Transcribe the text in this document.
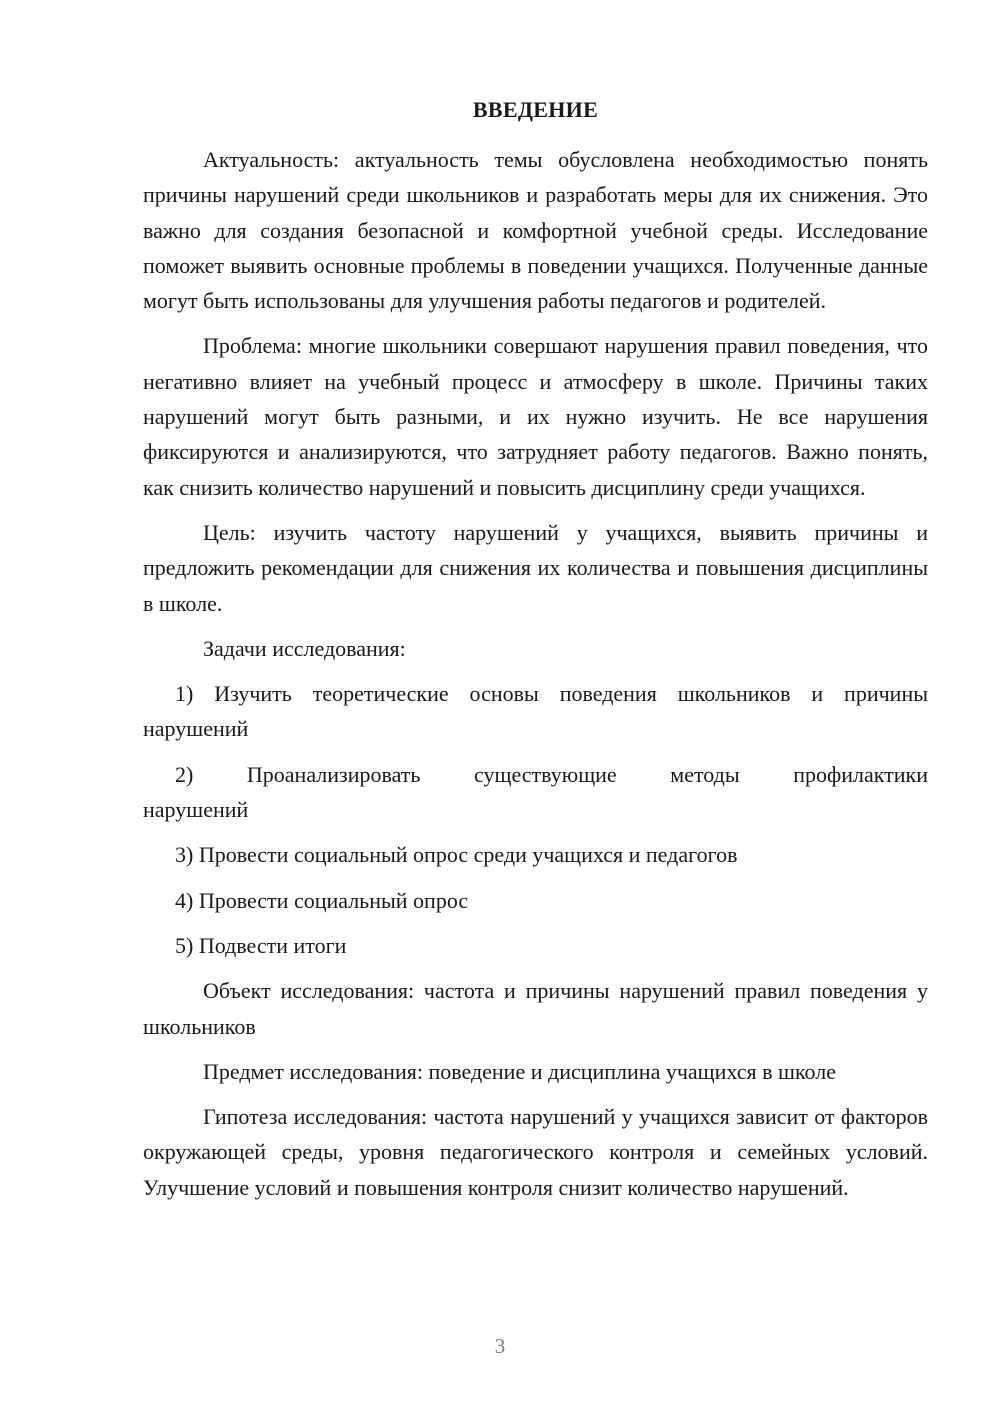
ВВЕДЕНИЕ

Актуальность: актуальность темы обусловлена необходимостью понять причины нарушений среди школьников и разработать меры для их снижения. Это важно для создания безопасной и комфортной учебной среды. Исследование поможет выявить основные проблемы в поведении учащихся. Полученные данные могут быть использованы для улучшения работы педагогов и родителей.

Проблема: многие школьники совершают нарушения правил поведения, что негативно влияет на учебный процесс и атмосферу в школе. Причины таких нарушений могут быть разными, и их нужно изучить. Не все нарушения фиксируются и анализируются, что затрудняет работу педагогов. Важно понять, как снизить количество нарушений и повысить дисциплину среди учащихся.

Цель: изучить частоту нарушений у учащихся, выявить причины и предложить рекомендации для снижения их количества и повышения дисциплины в школе.

Задачи исследования:

1) Изучить теоретические основы поведения школьников и причины нарушений

2) Проанализировать существующие методы профилактики

нарушений

3) Провести социальный опрос среди учащихся и педагогов

4) Провести социальный опрос

5) Подвести итоги

Объект исследования: частота и причины нарушений правил поведения у школьников

Предмет исследования: поведение и дисциплина учащихся в школе

Гипотеза исследования: частота нарушений у учащихся зависит от факторов окружающей среды, уровня педагогического контроля и семейных условий. Улучшение условий и повышения контроля снизит количество нарушений.

3
